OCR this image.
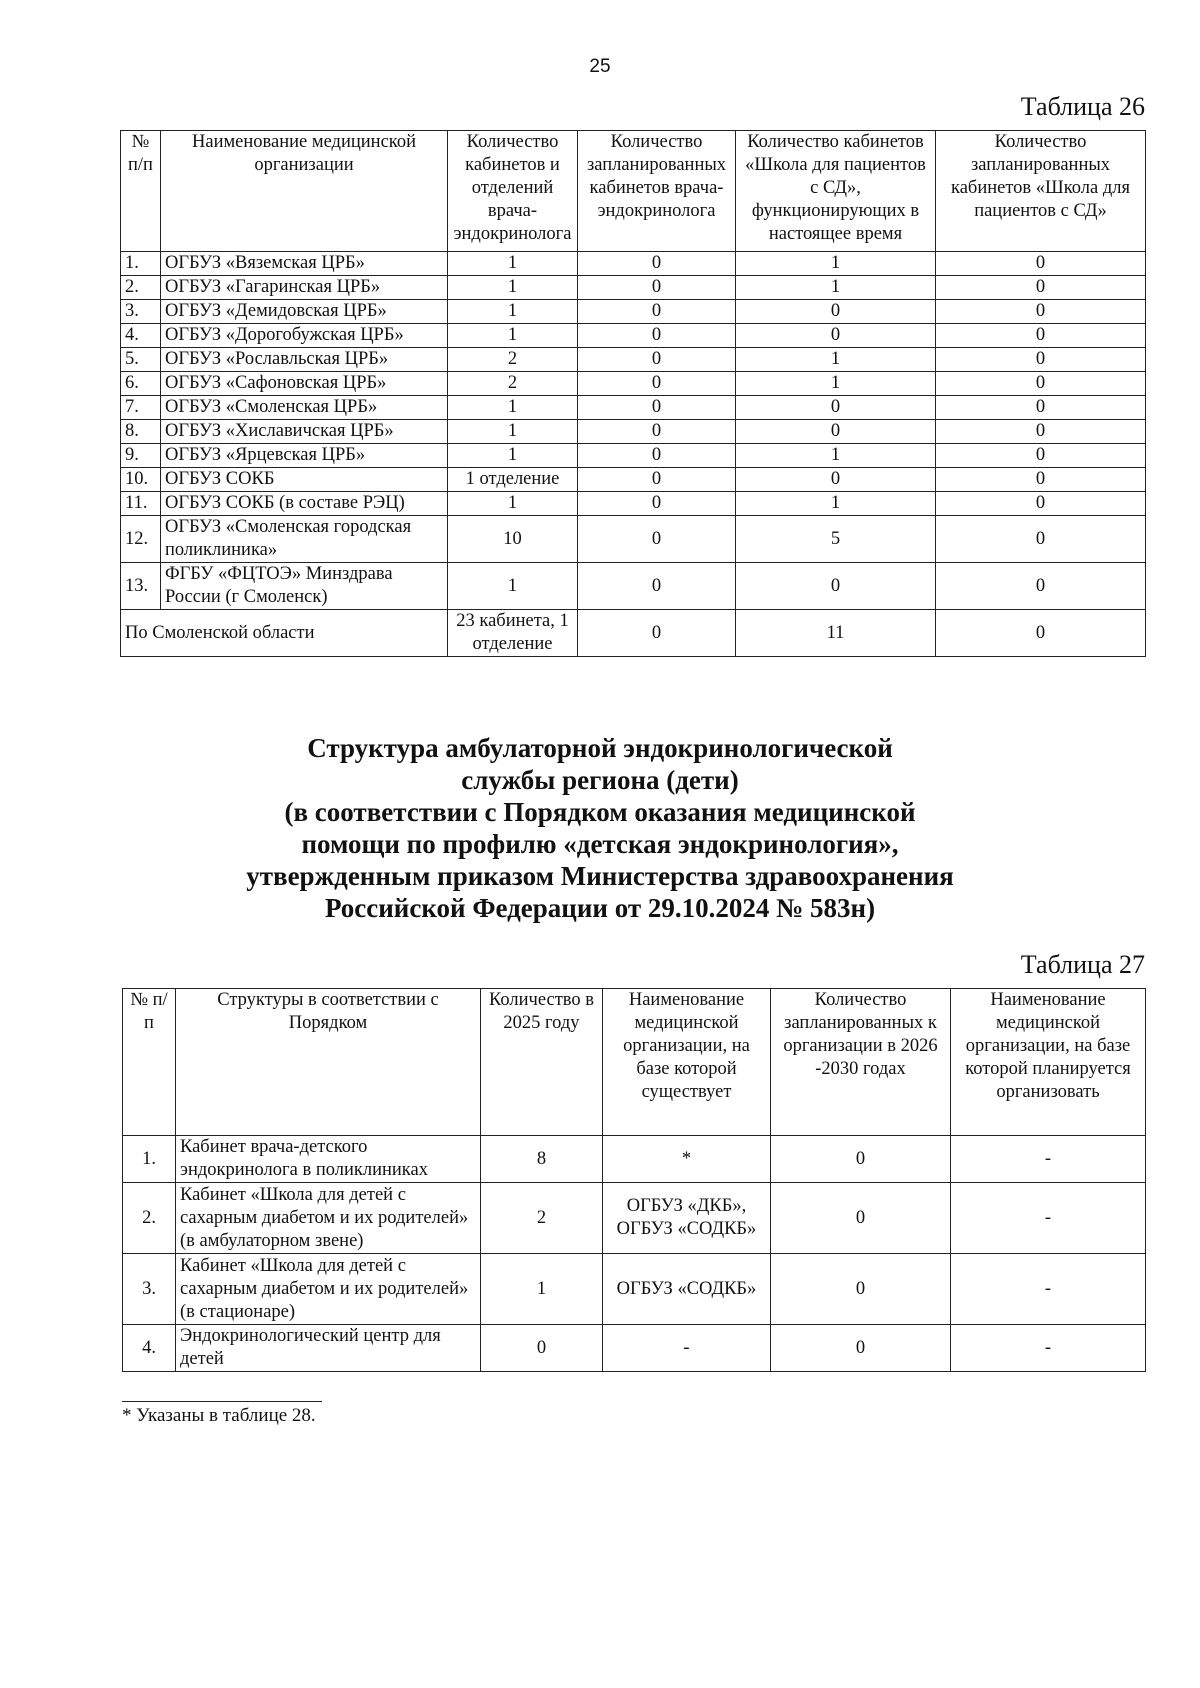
25
Таблица 26
№ п/п	Наименование медицинской организации	Количество кабинетов и отделений врача-эндокринолога	Количество запланированных кабинетов врача-эндокринолога	Количество кабинетов «Школа для пациентов с СД», функционирующих в настоящее время	Количество запланированных кабинетов «Школа для пациентов с СД»
1.	ОГБУЗ «Вяземская ЦРБ»	1	0	1	0
2.	ОГБУЗ «Гагаринская ЦРБ»	1	0	1	0
3.	ОГБУЗ «Демидовская ЦРБ»	1	0	0	0
4.	ОГБУЗ «Дорогобужская ЦРБ»	1	0	0	0
5.	ОГБУЗ «Рославльская ЦРБ»	2	0	1	0
6.	ОГБУЗ «Сафоновская ЦРБ»	2	0	1	0
7.	ОГБУЗ «Смоленская ЦРБ»	1	0	0	0
8.	ОГБУЗ «Хиславичская ЦРБ»	1	0	0	0
9.	ОГБУЗ «Ярцевская ЦРБ»	1	0	1	0
10.	ОГБУЗ СОКБ	1 отделение	0	0	0
11.	ОГБУЗ СОКБ (в составе РЭЦ)	1	0	1	0
12.	ОГБУЗ «Смоленская городская поликлиника»	10	0	5	0
13.	ФГБУ «ФЦТОЭ» Минздрава России (г Смоленск)	1	0	0	0
По Смоленской области		23 кабинета, 1 отделение	0	11	0
Структура амбулаторной эндокринологической
службы региона (дети)
(в соответствии с Порядком оказания медицинской
помощи по профилю «детская эндокринология»,
утвержденным приказом Министерства здравоохранения
Российской Федерации от 29.10.2024 № 583н)
Таблица 27
№ п/п	Структуры в соответствии с Порядком	Количество в 2025 году	Наименование медицинской организации, на базе которой существует	Количество запланированных к организации в 2026 -2030 годах	Наименование медицинской организации, на базе которой планируется организовать
1.	Кабинет врача-детского эндокринолога в поликлиниках	8	*	0	-
2.	Кабинет «Школа для детей с сахарным диабетом и их родителей» (в амбулаторном звене)	2	ОГБУЗ «ДКБ», ОГБУЗ «СОДКБ»	0	-
3.	Кабинет «Школа для детей с сахарным диабетом и их родителей» (в стационаре)	1	ОГБУЗ «СОДКБ»	0	-
4.	Эндокринологический центр для детей	0	-	0	-
* Указаны в таблице 28.
